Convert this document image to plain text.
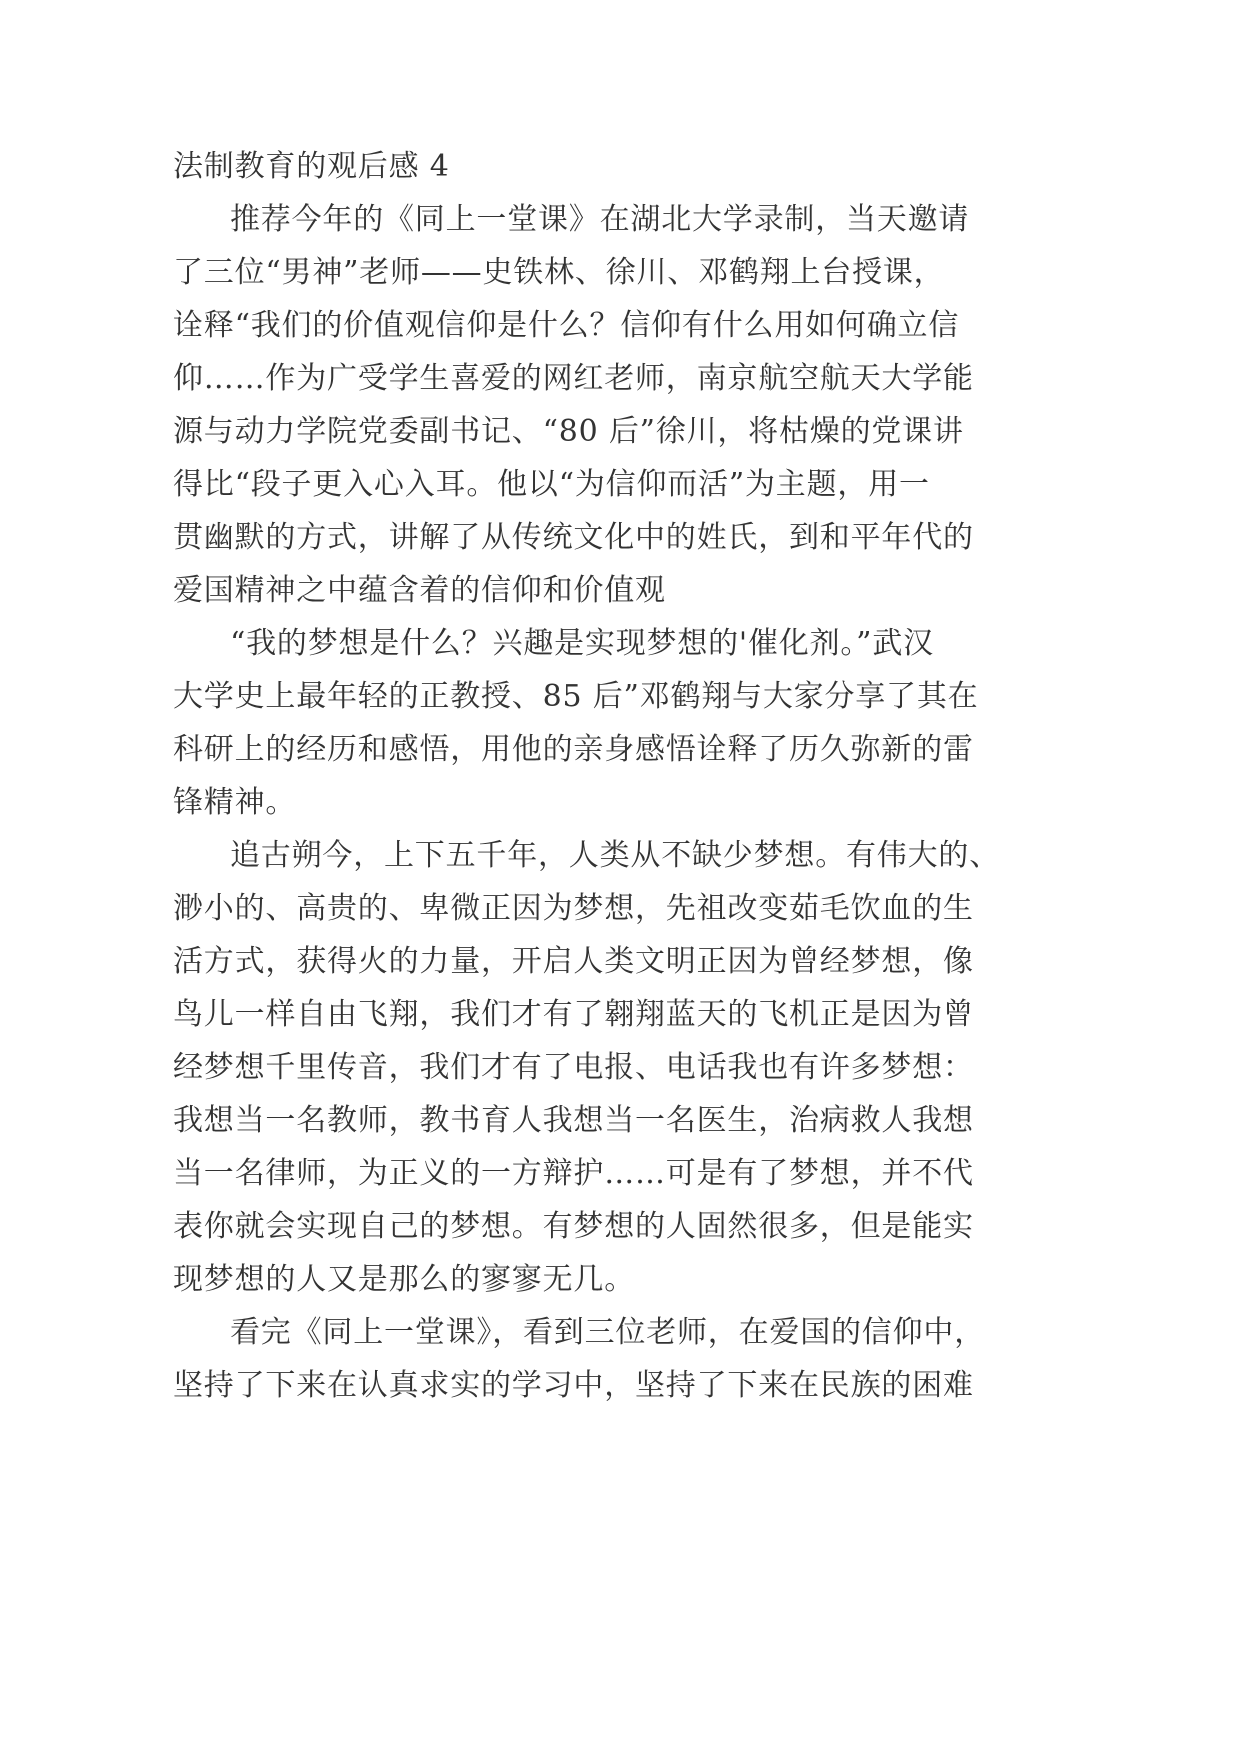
法制教育的观后感 4
推荐今年的《同上一堂课》在湖北大学录制，当天邀请
了三位“男神”老师——史铁林、徐川、邓鹤翔上台授课，
诠释“我们的价值观信仰是什么？信仰有什么用如何确立信
仰……作为广受学生喜爱的网红老师，南京航空航天大学能
源与动力学院党委副书记、“80 后”徐川，将枯燥的党课讲
得比“段子更入心入耳。他以“为信仰而活”为主题，用一
贯幽默的方式，讲解了从传统文化中的姓氏，到和平年代的
爱国精神之中蕴含着的信仰和价值观
“我的梦想是什么？兴趣是实现梦想的'催化剂。”武汉
大学史上最年轻的正教授、85 后”邓鹤翔与大家分享了其在
科研上的经历和感悟，用他的亲身感悟诠释了历久弥新的雷
锋精神。
追古朔今，上下五千年，人类从不缺少梦想。有伟大的、
渺小的、高贵的、卑微正因为梦想，先祖改变茹毛饮血的生
活方式，获得火的力量，开启人类文明正因为曾经梦想，像
鸟儿一样自由飞翔，我们才有了翱翔蓝天的飞机正是因为曾
经梦想千里传音，我们才有了电报、电话我也有许多梦想：
我想当一名教师，教书育人我想当一名医生，治病救人我想
当一名律师，为正义的一方辩护……可是有了梦想，并不代
表你就会实现自己的梦想。有梦想的人固然很多，但是能实
现梦想的人又是那么的寥寥无几。
看完《同上一堂课》，看到三位老师，在爱国的信仰中，
坚持了下来在认真求实的学习中，坚持了下来在民族的困难
